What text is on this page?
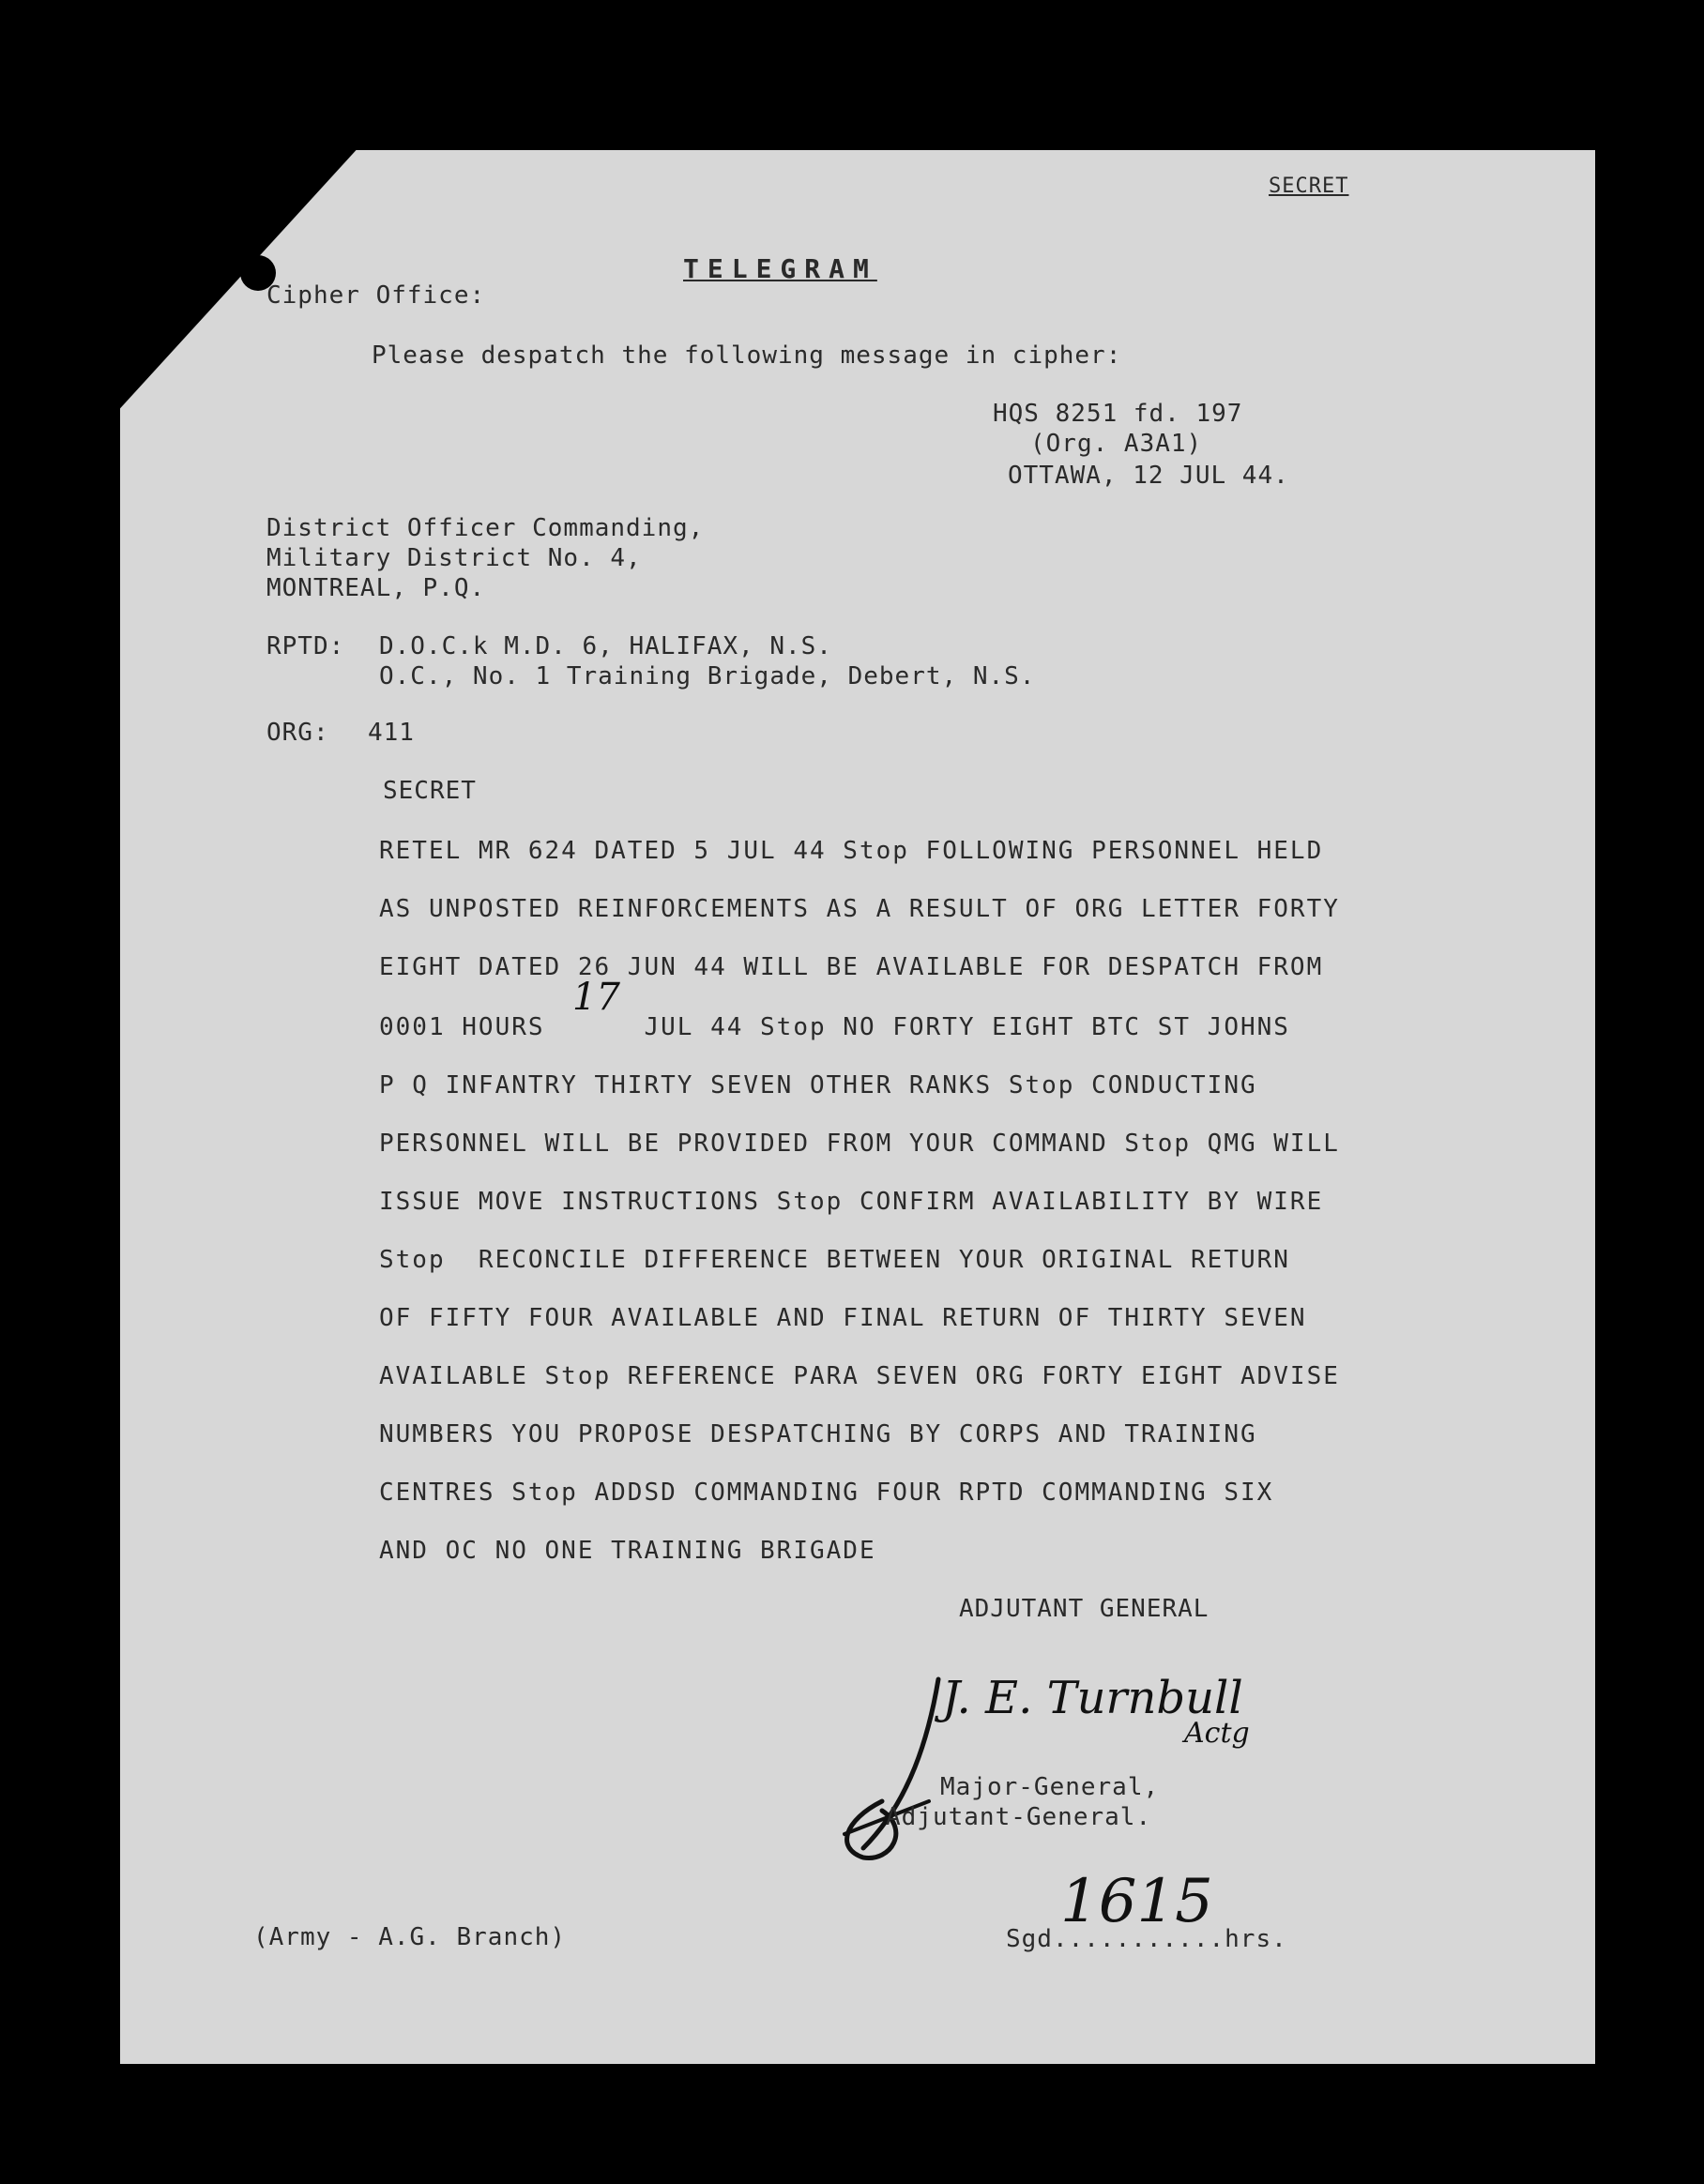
SECRET
TELEGRAM
Cipher Office:
Please despatch the following message in cipher:
HQS 8251 fd. 197
(Org. A3A1)
OTTAWA, 12 JUL 44.
District Officer Commanding,
Military District No. 4,
MONTREAL, P.Q.
RPTD: D.O.C.k M.D. 6, HALIFAX, N.S.
O.C., No. 1 Training Brigade, Debert, N.S.
ORG: 411
SECRET
RETEL MR 624 DATED 5 JUL 44 Stop FOLLOWING PERSONNEL HELD
AS UNPOSTED REINFORCEMENTS AS A RESULT OF ORG LETTER FORTY
EIGHT DATED 26 JUN 44 WILL BE AVAILABLE FOR DESPATCH FROM
0001 HOURS      JUL 44 Stop NO FORTY EIGHT BTC ST JOHNS
P Q INFANTRY THIRTY SEVEN OTHER RANKS Stop CONDUCTING
PERSONNEL WILL BE PROVIDED FROM YOUR COMMAND Stop QMG WILL
ISSUE MOVE INSTRUCTIONS Stop CONFIRM AVAILABILITY BY WIRE
Stop  RECONCILE DIFFERENCE BETWEEN YOUR ORIGINAL RETURN
OF FIFTY FOUR AVAILABLE AND FINAL RETURN OF THIRTY SEVEN
AVAILABLE Stop REFERENCE PARA SEVEN ORG FORTY EIGHT ADVISE
NUMBERS YOU PROPOSE DESPATCHING BY CORPS AND TRAINING
CENTRES Stop ADDSD COMMANDING FOUR RPTD COMMANDING SIX
AND OC NO ONE TRAINING BRIGADE
17
ADJUTANT GENERAL
J. E. Turnbull
Actg
Major-General,
Adjutant-General.
(Army - A.G. Branch)	Sgd...........hrs.
1615
